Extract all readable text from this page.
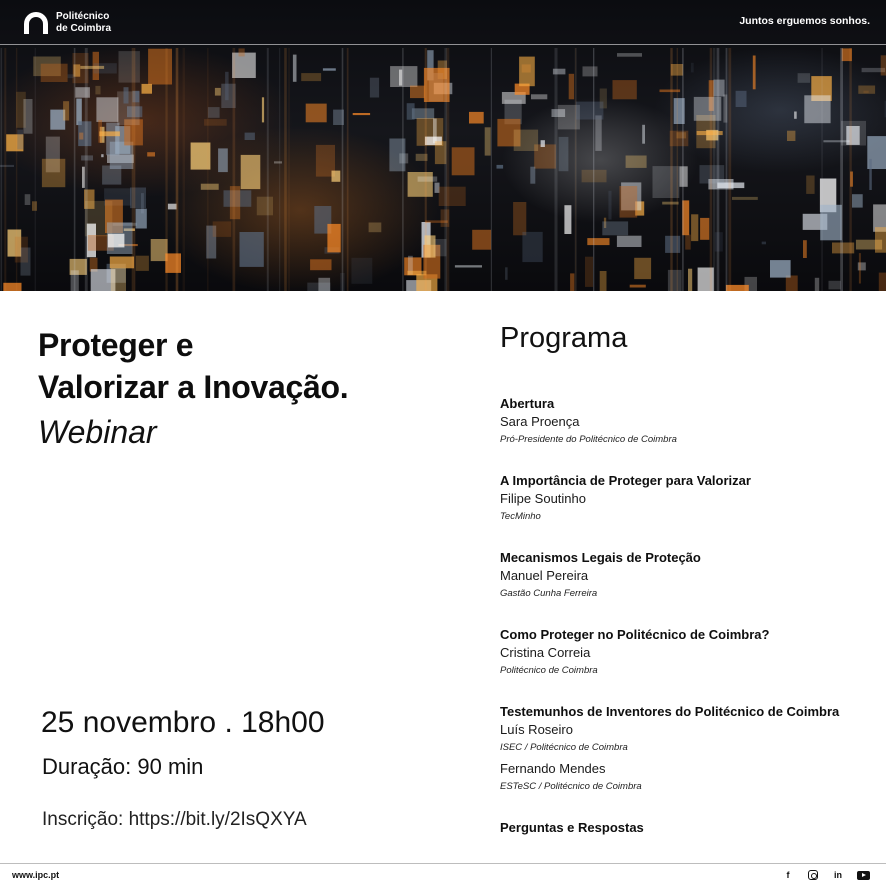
Politécnico
de Coimbra
Juntos erguemos sonhos.
Proteger e
Valorizar a Inovação.
Webinar
25 novembro . 18h00
Duração: 90 min
Inscrição: https://bit.ly/2IsQXYA
Programa
Abertura
Sara Proença
Pró-Presidente do Politécnico de Coimbra
A Importância de Proteger para Valorizar
Filipe Soutinho
TecMinho
Mecanismos Legais de Proteção
Manuel Pereira
Gastão Cunha Ferreira
Como Proteger no Politécnico de Coimbra?
Cristina Correia
Politécnico de Coimbra
Testemunhos de Inventores do Politécnico de Coimbra
Luís Roseiro
ISEC / Politécnico de Coimbra
Fernando Mendes
ESTeSC / Politécnico de Coimbra
Perguntas e Respostas
www.ipc.pt	f	in
